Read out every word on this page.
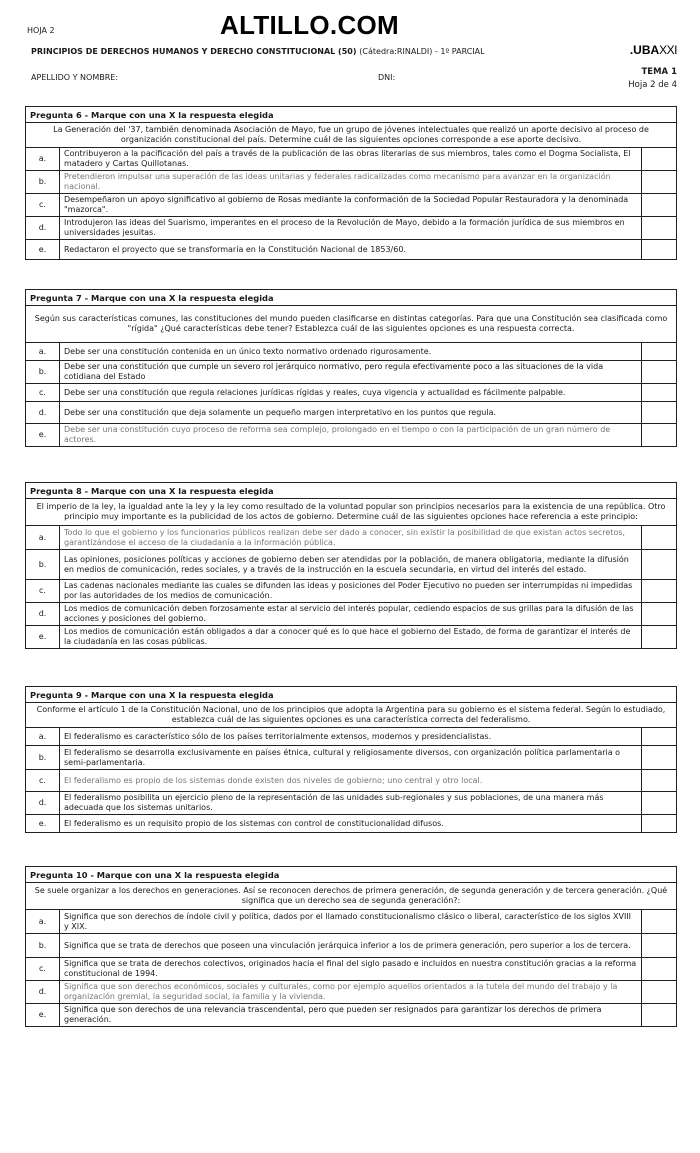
HOJA 2	ALTILLO.COM
PRINCIPIOS DE DERECHOS HUMANOS Y DERECHO CONSTITUCIONAL (50) (Cátedra:RINALDI) - 1º PARCIAL	.UBAXXI
APELLIDO Y NOMBRE:	DNI:
TEMA 1
Hoja 2 de 4
Pregunta 6 - Marque con una X la respuesta elegida		
La Generación del '37, también denominada Asociación de Mayo, fue un grupo de jóvenes intelectuales que realizó un aporte decisivo al proceso de organización constitucional del país. Determine cuál de las siguientes opciones corresponde a ese aporte decisivo.		
a.	Contribuyeron a la pacificación del país a través de la publicación de las obras literarias de sus miembros, tales como el Dogma Socialista, El matadero y Cartas Quillotanas.	
b.	Pretendieron impulsar una superación de las ideas unitarias y federales radicalizadas como mecanismo para avanzar en la organización nacional.	
c.	Desempeñaron un apoyo significativo al gobierno de Rosas mediante la conformación de la Sociedad Popular Restauradora y la denominada "mazorca".	
d.	Introdujeron las ideas del Suarismo, imperantes en el proceso de la Revolución de Mayo, debido a la formación jurídica de sus miembros en universidades jesuitas.	
e.	Redactaron el proyecto que se transformaría en la Constitución Nacional de 1853/60.	
Pregunta 7 - Marque con una X la respuesta elegida		
Según sus características comunes, las constituciones del mundo pueden clasificarse en distintas categorías. Para que una Constitución sea clasificada como "rígida" ¿Qué características debe tener? Establezca cuál de las siguientes opciones es una respuesta correcta.		
a.	Debe ser una constitución contenida en un único texto normativo ordenado rigurosamente.	
b.	Debe ser una constitución que cumple un severo rol jerárquico normativo, pero regula efectivamente poco a las situaciones de la vida cotidiana del Estado	
c.	Debe ser una constitución que regula relaciones jurídicas rígidas y reales, cuya vigencia y actualidad es fácilmente palpable.	
d.	Debe ser una constitución que deja solamente un pequeño margen interpretativo en los puntos que regula.	
e.	Debe ser una constitución cuyo proceso de reforma sea complejo, prolongado en el tiempo o con la participación de un gran número de actores.	
Pregunta 8 - Marque con una X la respuesta elegida		
El imperio de la ley, la igualdad ante la ley y la ley como resultado de la voluntad popular son principios necesarios para la existencia de una república. Otro principio muy importante es la publicidad de los actos de gobierno. Determine cuál de las siguientes opciones hace referencia a este principio:		
a.	Todo lo que el gobierno y los funcionarios públicos realizan debe ser dado a conocer, sin existir la posibilidad de que existan actos secretos, garantizándose el acceso de la ciudadanía a la información pública.	
b.	Las opiniones, posiciones políticas y acciones de gobierno deben ser atendidas por la población, de manera obligatoria, mediante la difusión en medios de comunicación, redes sociales, y a través de la instrucción en la escuela secundaria, en virtud del interés del estado.	
c.	Las cadenas nacionales mediante las cuales se difunden las ideas y posiciones del Poder Ejecutivo no pueden ser interrumpidas ni impedidas por las autoridades de los medios de comunicación.	
d.	Los medios de comunicación deben forzosamente estar al servicio del interés popular, cediendo espacios de sus grillas para la difusión de las acciones y posiciones del gobierno.	
e.	Los medios de comunicación están obligados a dar a conocer qué es lo que hace el gobierno del Estado, de forma de garantizar el interés de la ciudadanía en las cosas públicas.	
Pregunta 9 - Marque con una X la respuesta elegida		
Conforme el artículo 1 de la Constitución Nacional, uno de los principios que adopta la Argentina para su gobierno es el sistema federal. Según lo estudiado, establezca cuál de las siguientes opciones es una característica correcta del federalismo.		
a.	El federalismo es característico sólo de los países territorialmente extensos, modernos y presidencialistas.	
b.	El federalismo se desarrolla exclusivamente en países étnica, cultural y religiosamente diversos, con organización política parlamentaria o semi-parlamentaria.	
c.	El federalismo es propio de los sistemas donde existen dos niveles de gobierno; uno central y otro local.	
d.	El federalismo posibilita un ejercicio pleno de la representación de las unidades sub-regionales y sus poblaciones, de una manera más adecuada que los sistemas unitarios.	
e.	El federalismo es un requisito propio de los sistemas con control de constitucionalidad difusos.	
Pregunta 10 - Marque con una X la respuesta elegida		
Se suele organizar a los derechos en generaciones. Así se reconocen derechos de primera generación, de segunda generación y de tercera generación. ¿Qué significa que un derecho sea de segunda generación?:		
a.	Significa que son derechos de índole civil y política, dados por el llamado constitucionalismo clásico o liberal, característico de los siglos XVIII y XIX.	
b.	Significa que se trata de derechos que poseen una vinculación jerárquica inferior a los de primera generación, pero superior a los de tercera.	
c.	Significa que se trata de derechos colectivos, originados hacia el final del siglo pasado e incluidos en nuestra constitución gracias a la reforma constitucional de 1994.	
d.	Significa que son derechos económicos, sociales y culturales, como por ejemplo aquellos orientados a la tutela del mundo del trabajo y la organización gremial, la seguridad social, la familia y la vivienda.	
e.	Significa que son derechos de una relevancia trascendental, pero que pueden ser resignados para garantizar los derechos de primera generación.	
